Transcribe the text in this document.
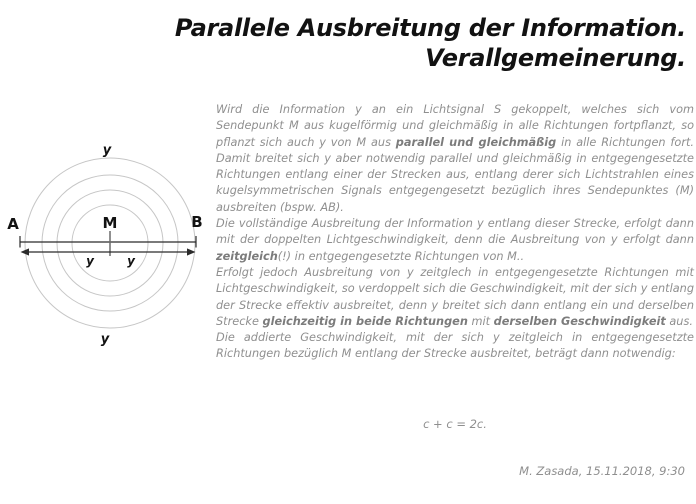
Parallele Ausbreitung der Information.
Verallgemeinerung.
A	M	B
y
y
y	y

Wird die Information y an ein Lichtsignal S gekoppelt, welches sich vom Sendepunkt M aus kugelförmig und gleichmäßig in alle Richtungen fortpflanzt, so pflanzt sich auch y von M aus parallel und gleichmäßig in alle Richtungen fort. Damit breitet sich y aber notwendig parallel und gleichmäßig in entgegengesetzte Richtungen entlang einer der Strecken aus, entlang derer sich Lichtstrahlen eines kugelsymmetrischen Signals entgegengesetzt bezüglich ihres Sendepunktes (M) ausbreiten (bspw. AB).

Die vollständige Ausbreitung der Information y entlang dieser Strecke, erfolgt dann mit der doppelten Lichtgeschwindigkeit, denn die Ausbreitung von y erfolgt dann zeitgleich(!) in entgegengesetzte Richtungen von M..

Erfolgt jedoch Ausbreitung von y zeitglech in entgegengesetzte Richtungen mit Lichtgeschwindigkeit, so verdoppelt sich die Geschwindigkeit, mit der sich y entlang der Strecke effektiv ausbreitet, denn y breitet sich dann entlang ein und derselben Strecke gleichzeitig in beide Richtungen mit derselben Geschwindigkeit aus.

Die addierte Geschwindigkeit, mit der sich y zeitgleich in entgegengesetzte Richtungen bezüglich M entlang der Strecke ausbreitet, beträgt dann notwendig:

c + c = 2c.
M. Zasada, 15.11.2018, 9:30
